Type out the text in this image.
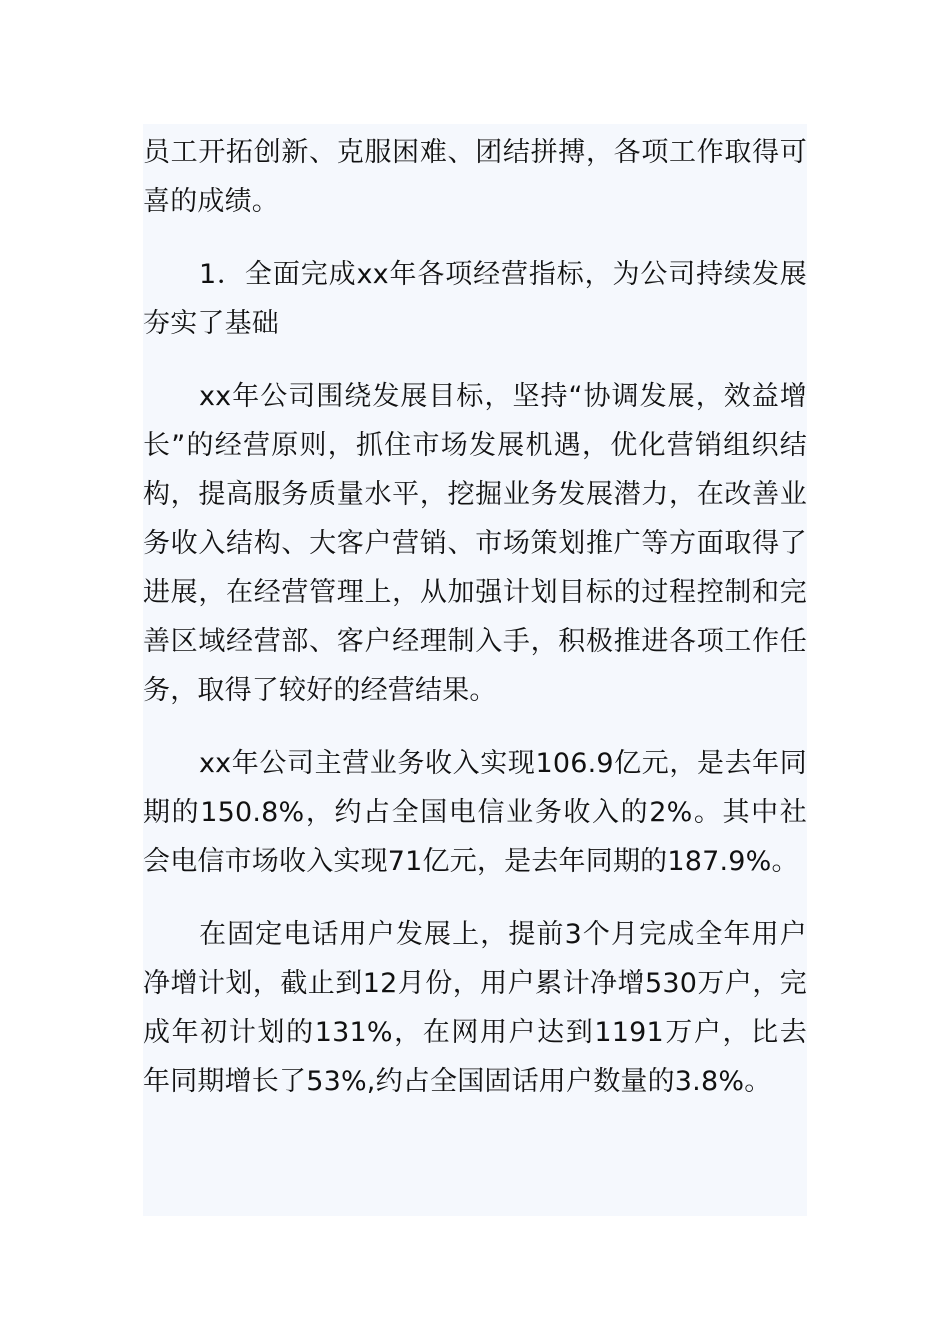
员工开拓创新、克服困难、团结拼搏，各项工作取得可喜的成绩。

1．全面完成xx年各项经营指标，为公司持续发展夯实了基础

xx年公司围绕发展目标，坚持“协调发展，效益增长”的经营原则，抓住市场发展机遇，优化营销组织结构，提高服务质量水平，挖掘业务发展潜力，在改善业务收入结构、大客户营销、市场策划推广等方面取得了进展，在经营管理上，从加强计划目标的过程控制和完善区域经营部、客户经理制入手，积极推进各项工作任务，取得了较好的经营结果。

xx年公司主营业务收入实现106.9亿元，是去年同期的150.8%，约占全国电信业务收入的2%。其中社会电信市场收入实现71亿元，是去年同期的187.9%。

在固定电话用户发展上，提前3个月完成全年用户净增计划，截止到12月份，用户累计净增530万户，完成年初计划的131%，在网用户达到1191万户，比去年同期增长了53%,约占全国固话用户数量的3.8%。
